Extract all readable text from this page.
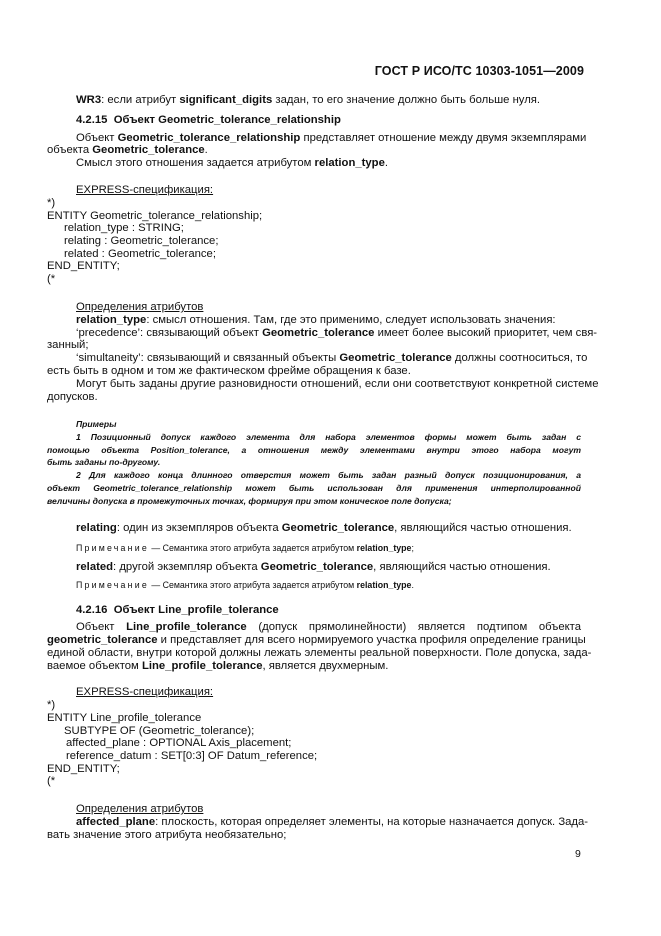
ГОСТ Р ИСО/ТС 10303-1051—2009
WR3: если атрибут significant_digits задан, то его значение должно быть больше нуля.
4.2.15 Объект Geometric_tolerance_relationship
Объект Geometric_tolerance_relationship представляет отношение между двумя экземплярами
объекта Geometric_tolerance.
Смысл этого отношения задается атрибутом relation_type.
EXPRESS-спецификация:
*)
ENTITY Geometric_tolerance_relationship;
relation_type : STRING;
relating : Geometric_tolerance;
related : Geometric_tolerance;
END_ENTITY;
(*
Определения атрибутов
relation_type: смысл отношения. Там, где это применимо, следует использовать значения:
‘precedence’: связывающий объект Geometric_tolerance имеет более высокий приоритет, чем свя-
занный;
‘simultaneity’: связывающий и связанный объекты Geometric_tolerance должны соотноситься, то
есть быть в одном и том же фактическом фрейме обращения к базе.
Могут быть заданы другие разновидности отношений, если они соответствуют конкретной системе
допусков.
Примеры
1 Позиционный допуск каждого элемента для набора элементов формы может быть задан с
помощью объекта Position_tolerance, а отношения между элементами внутри этого набора могут
быть заданы по-другому.
2 Для каждого конца длинного отверстия может быть задан разный допуск позиционирования, а
объект Geometric_tolerance_relationship может быть использован для применения интерполированной
величины допуска в промежуточных точках, формируя при этом коническое поле допуска;
relating: один из экземпляров объекта Geometric_tolerance, являющийся частью отношения.
Примечание — Семантика этого атрибута задается атрибутом relation_type;
related: другой экземпляр объекта Geometric_tolerance, являющийся частью отношения.
Примечание — Семантика этого атрибута задается атрибутом relation_type.
4.2.16 Объект Line_profile_tolerance
Объект Line_profile_tolerance (допуск прямолинейности) является подтипом объекта
geometric_tolerance и представляет для всего нормируемого участка профиля определение границы
единой области, внутри которой должны лежать элементы реальной поверхности. Поле допуска, зада-
ваемое объектом Line_profile_tolerance, является двухмерным.
EXPRESS-спецификация:
*)
ENTITY Line_profile_tolerance
SUBTYPE OF (Geometric_tolerance);
affected_plane : OPTIONAL Axis_placement;
reference_datum : SET[0:3] OF Datum_reference;
END_ENTITY;
(*
Определения атрибутов
affected_plane: плоскость, которая определяет элементы, на которые назначается допуск. Зада-
вать значение этого атрибута необязательно;
9
